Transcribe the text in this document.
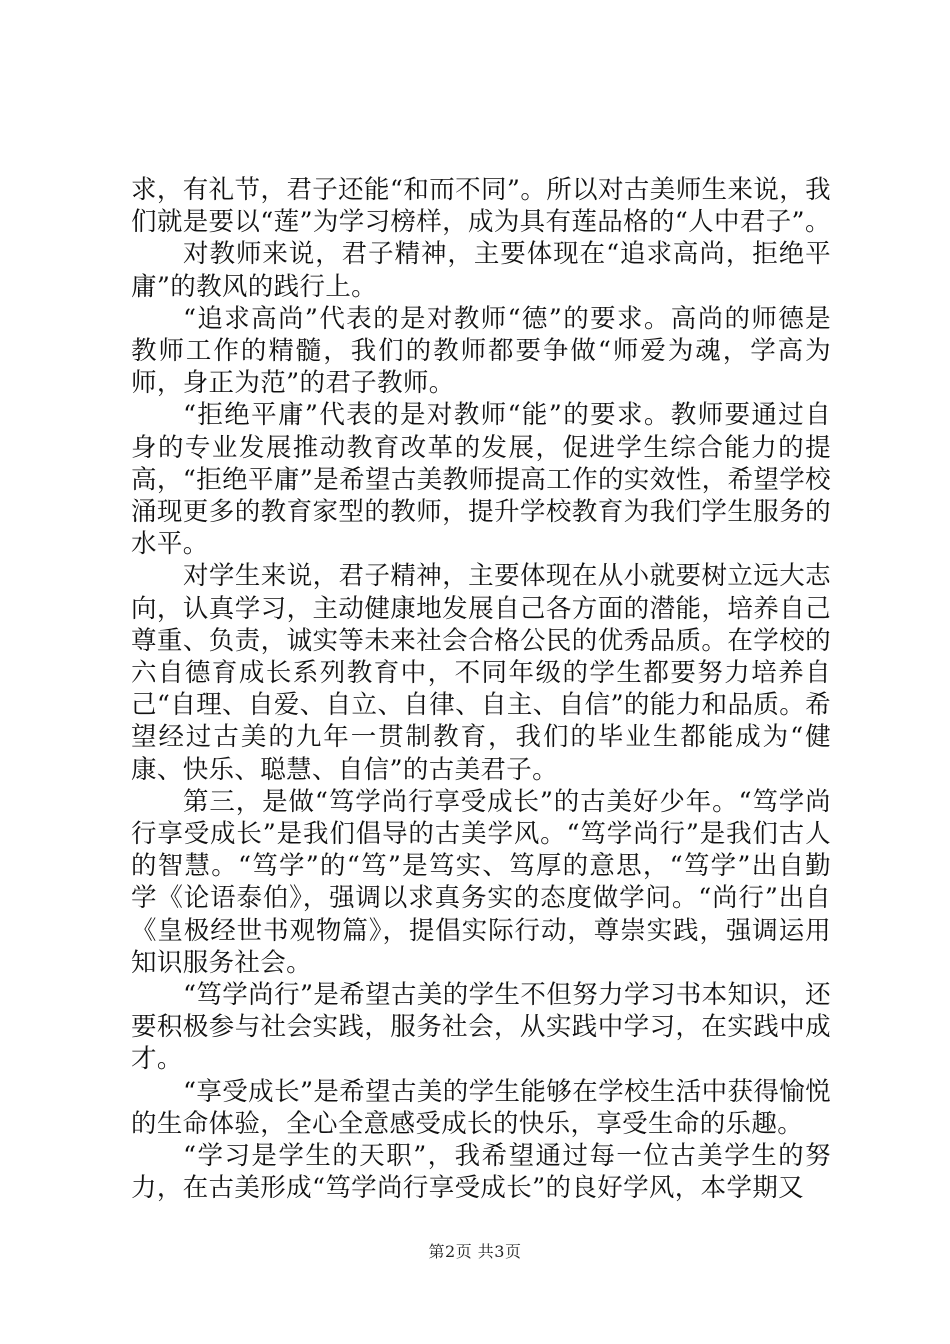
求，有礼节，君子还能“和而不同”。所以对古美师生来说，我们就是要以“莲”为学习榜样，成为具有莲品格的“人中君子”。

对教师来说，君子精神，主要体现在“追求高尚，拒绝平庸”的教风的践行上。

“追求高尚”代表的是对教师“德”的要求。高尚的师德是教师工作的精髓，我们的教师都要争做“师爱为魂，学高为师，身正为范”的君子教师。

“拒绝平庸”代表的是对教师“能”的要求。教师要通过自身的专业发展推动教育改革的发展，促进学生综合能力的提高，“拒绝平庸”是希望古美教师提高工作的实效性，希望学校涌现更多的教育家型的教师，提升学校教育为我们学生服务的水平。

对学生来说，君子精神，主要体现在从小就要树立远大志向，认真学习，主动健康地发展自己各方面的潜能，培养自己尊重、负责，诚实等未来社会合格公民的优秀品质。在学校的六自德育成长系列教育中，不同年级的学生都要努力培养自己“自理、自爱、自立、自律、自主、自信”的能力和品质。希望经过古美的九年一贯制教育，我们的毕业生都能成为“健康、快乐、聪慧、自信”的古美君子。

第三，是做“笃学尚行享受成长”的古美好少年。“笃学尚行享受成长”是我们倡导的古美学风。“笃学尚行”是我们古人的智慧。“笃学”的“笃”是笃实、笃厚的意思，“笃学”出自勤学《论语泰伯》，强调以求真务实的态度做学问。“尚行”出自《皇极经世书观物篇》，提倡实际行动，尊崇实践，强调运用知识服务社会。

“笃学尚行”是希望古美的学生不但努力学习书本知识，还要积极参与社会实践，服务社会，从实践中学习，在实践中成才。

“享受成长”是希望古美的学生能够在学校生活中获得愉悦的生命体验，全心全意感受成长的快乐，享受生命的乐趣。

“学习是学生的天职”，我希望通过每一位古美学生的努力，在古美形成“笃学尚行享受成长”的良好学风，本学期又

第2页 共3页
